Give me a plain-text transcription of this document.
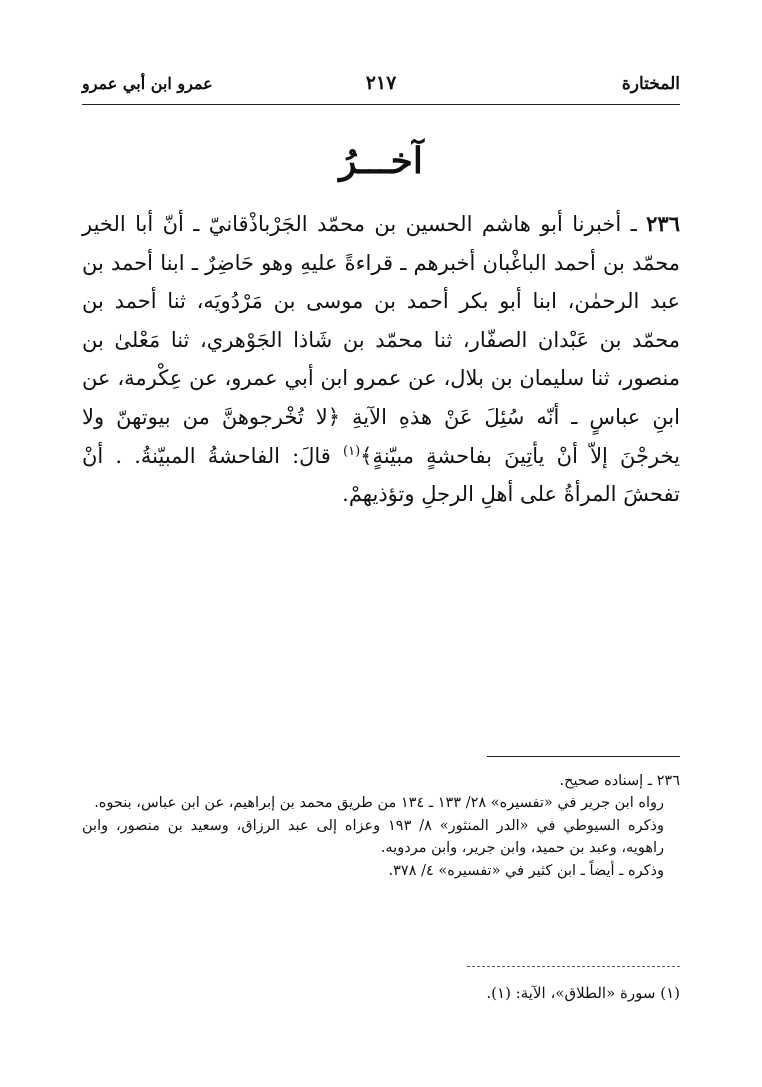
المختارة
٢١٧
عمرو ابن أبي عمرو
آخـــرُ
٢٣٦ ـ أخبرنا أبو هاشم الحسين بن محمّد الجَرْباذْقانيّ ـ أنّ أبا الخير محمّد بن أحمد الباغْبان أخبرهم ـ قراءةً عليهِ وهو حَاضِرٌ ـ ابنا أحمد بن عبد الرحمٰن، ابنا أبو بكر أحمد بن موسى بن مَرْدُويَه، ثنا أحمد بن محمّد بن عَبْدان الصفّار، ثنا محمّد بن شَاذا الجَوْهري، ثنا مَعْلىٰ بن منصور، ثنا سليمان بن بلال، عن عمرو ابن أبي عمرو، عن عِكْرمة، عن ابنِ عباسٍ ـ أنّه سُئِلَ عَنْ هذهِ الآيةِ ﴿لا تُخْرجوهنَّ من بيوتهنّ ولا يخرجْنَ إلاّ أنْ يأتِينَ بفاحشةٍ مبيّنةٍ﴾$^{(١)}$ قالَ: الفاحشةُ المبيّنةُ. . أنْ تفحشَ المرأةُ على أهلِ الرجلِ وتؤذيهمْ.

٢٣٦ ـ إسناده صحيح.

رواه ابن جرير في «تفسيره» ٢٨/ ١٣٣ ـ ١٣٤ من طريق محمد بن إبراهيم، عن ابن عباس، بنحوه.

وذكره السيوطي في «الدر المنثور» ٨/ ١٩٣ وعزاه إلى عبد الرزاق، وسعيد بن منصور، وابن راهويه، وعبد بن حميد، وابن جرير، وابن مردويه.

وذكره ـ أيضاً ـ ابن كثير في «تفسيره» ٤/ ٣٧٨.

(١) سورة «الطلاق»، الآية: (١).
